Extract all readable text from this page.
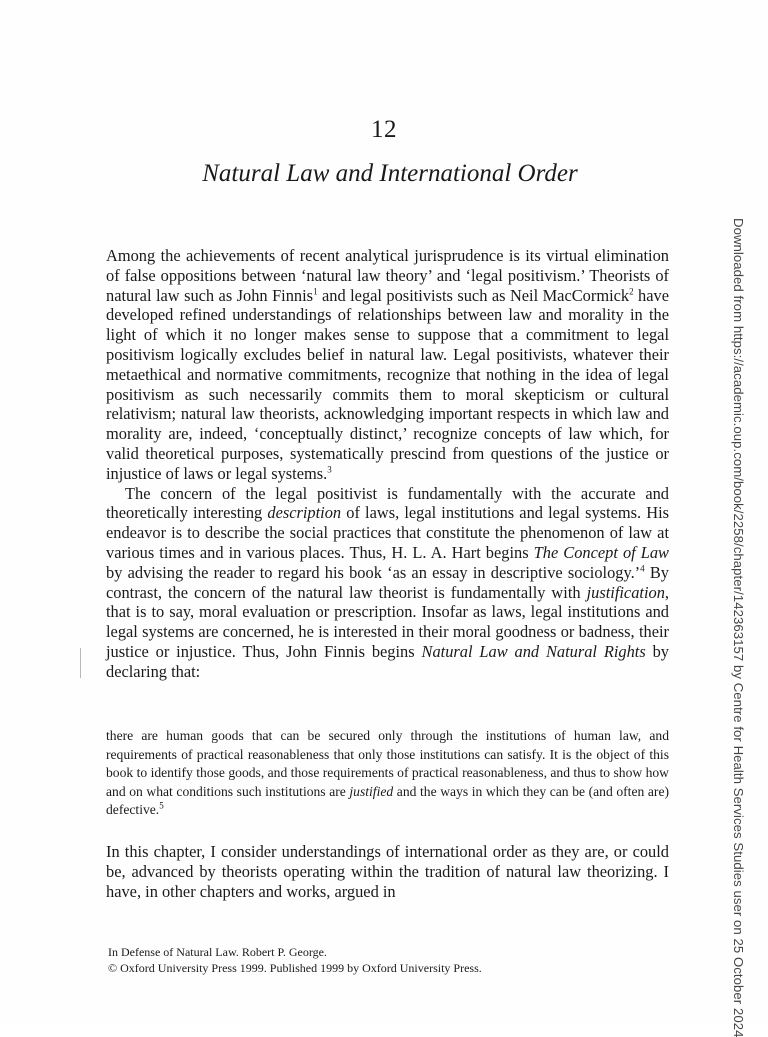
12
Natural Law and International Order

Among the achievements of recent analytical jurisprudence is its virtual elimination of false oppositions between ‘natural law theory’ and ‘legal positivism.’ Theorists of natural law such as John Finnis$^1$ and legal positivists such as Neil MacCormick$^2$ have developed refined understandings of relationships between law and morality in the light of which it no longer makes sense to suppose that a commitment to legal positivism logically excludes belief in natural law. Legal positivists, whatever their metaethical and normative commitments, recognize that nothing in the idea of legal positivism as such necessarily commits them to moral skepticism or cultural relativism; natural law theorists, acknowledging important respects in which law and morality are, indeed, ‘conceptually distinct,’ recognize concepts of law which, for valid theoretical purposes, systematically prescind from questions of the justice or injustice of laws or legal systems.$^3$

The concern of the legal positivist is fundamentally with the accurate and theoretically interesting description of laws, legal institutions and legal systems. His endeavor is to describe the social practices that constitute the phenomenon of law at various times and in various places. Thus, H. L. A. Hart begins The Concept of Law by advising the reader to regard his book ‘as an essay in descriptive sociology.’$^4$ By contrast, the concern of the natural law theorist is fundamentally with justification, that is to say, moral evaluation or prescription. Insofar as laws, legal institutions and legal systems are concerned, he is interested in their moral goodness or badness, their justice or injustice. Thus, John Finnis begins Natural Law and Natural Rights by declaring that:

there are human goods that can be secured only through the institutions of human law, and requirements of practical reasonableness that only those institutions can satisfy. It is the object of this book to identify those goods, and those requirements of practical reasonableness, and thus to show how and on what conditions such institutions are justified and the ways in which they can be (and often are) defective.$^5$

In this chapter, I consider understandings of international order as they are, or could be, advanced by theorists operating within the tradition of natural law theorizing. I have, in other chapters and works, argued in

In Defense of Natural Law. Robert P. George.
© Oxford University Press 1999. Published 1999 by Oxford University Press.	Downloaded from https://academic.oup.com/book/2258/chapter/142363157 by Centre for Health Services Studies user on 25 October 2024
